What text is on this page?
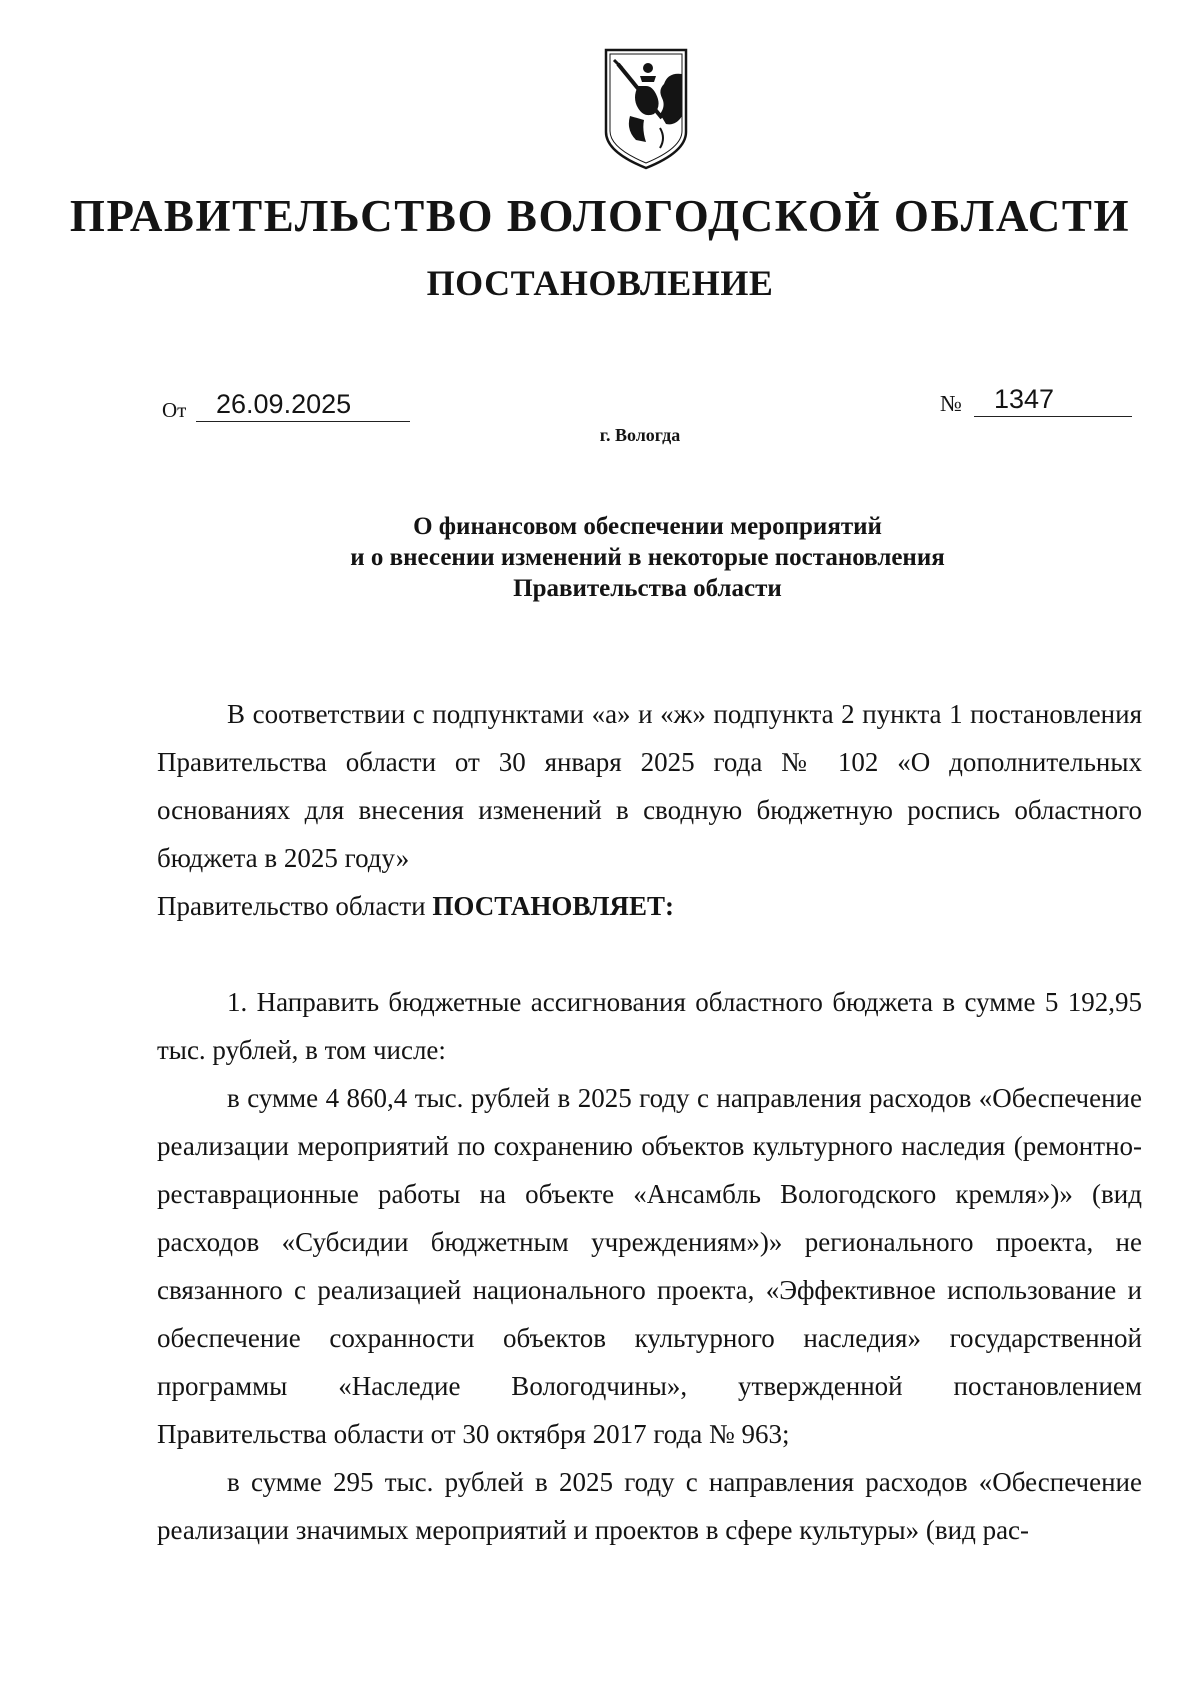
ПРАВИТЕЛЬСТВО ВОЛОГОДСКОЙ ОБЛАСТИ
ПОСТАНОВЛЕНИЕ
От	26.09.2025	№	1347
г. Вологда
О финансовом обеспечении мероприятий
и о внесении изменений в некоторые постановления
Правительства области

В соответствии с подпунктами «а» и «ж» подпункта 2 пункта 1 постановления Правительства области от 30 января 2025 года № 102 «О дополнительных основаниях для внесения изменений в сводную бюджетную роспись областного бюджета в 2025 году»

Правительство области ПОСТАНОВЛЯЕТ:

1. Направить бюджетные ассигнования областного бюджета в сумме 5 192,95 тыс. рублей, в том числе:

в сумме 4 860,4 тыс. рублей в 2025 году с направления расходов «Обеспечение реализации мероприятий по сохранению объектов культурного наследия (ремонтно-реставрационные работы на объекте «Ансамбль Вологодского кремля»)» (вид расходов «Субсидии бюджетным учреждениям»)» регионального проекта, не связанного с реализацией национального проекта, «Эффективное использование и обеспечение сохранности объектов культурного наследия» государственной программы «Наследие Вологодчины», утвержденной постановлением Правительства области от 30 октября 2017 года № 963;

в сумме 295 тыс. рублей в 2025 году с направления расходов «Обеспечение реализации значимых мероприятий и проектов в сфере культуры» (вид рас-
